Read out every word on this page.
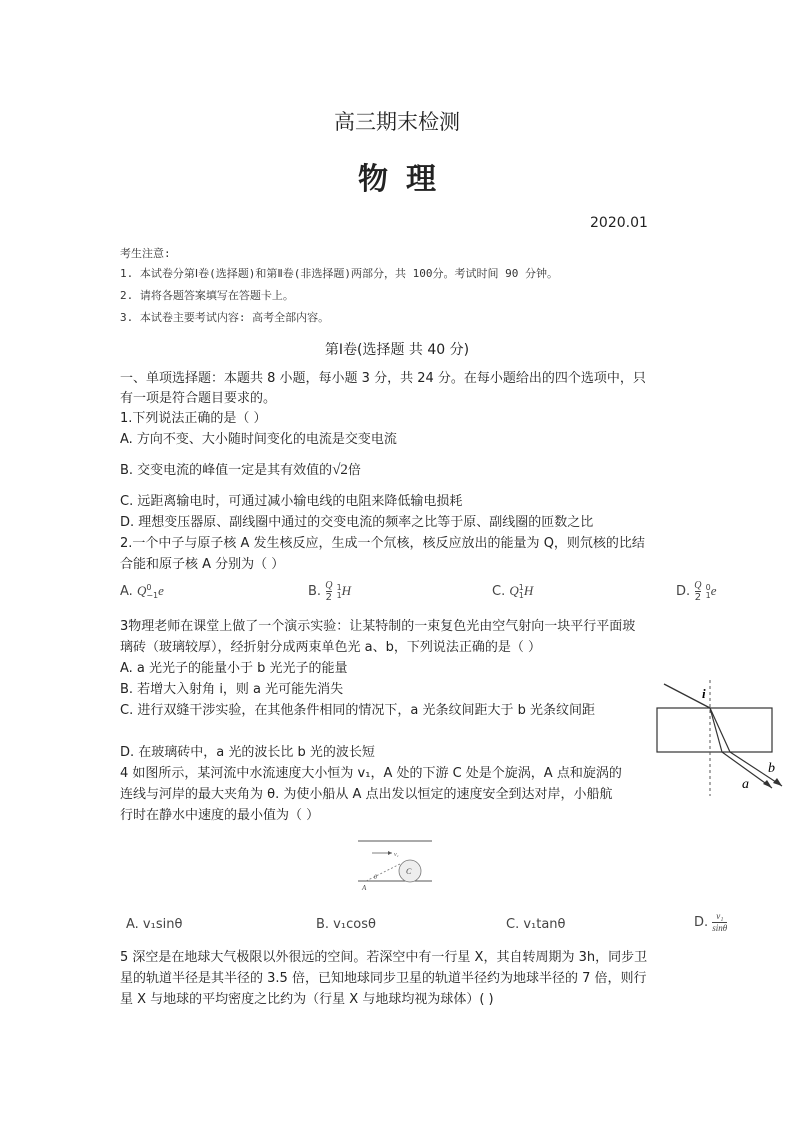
高三期末检测
物理
2020.01
考生注意:
1. 本试卷分第Ⅰ卷(选择题)和第Ⅱ卷(非选择题)两部分，共 100分。考试时间 90 分钟。
2. 请将各题答案填写在答题卡上。
3. 本试卷主要考试内容: 高考全部内容。
第Ⅰ卷(选择题 共 40 分)
一、单项选择题：本题共 8 小题，每小题 3 分，共 24 分。在每小题给出的四个选项中，只
有一项是符合题目要求的。
1.下列说法正确的是（ ）
A. 方向不变、大小随时间变化的电流是交变电流
B. 交变电流的峰值一定是其有效值的√2倍
C. 远距离输电时，可通过减小输电线的电阻来降低输电损耗
D. 理想变压器原、副线圈中通过的交变电流的频率之比等于原、副线圈的匝数之比
2.一个中子与原子核 A 发生核反应，生成一个氘核，核反应放出的能量为 Q，则氘核的比结
合能和原子核 A 分别为（ ）
A. Q 0
−1 e	B. $\frac{Q}{2}$
1
1 H	C. Q 1
1 H	D. $\frac{Q}{2}$
0
1 e
3物理老师在课堂上做了一个演示实验：让某特制的一束复色光由空气射向一块平行平面玻
璃砖（玻璃较厚），经折射分成两束单色光 a、b，下列说法正确的是（ ）
A. a 光光子的能量小于 b 光光子的能量
B. 若增大入射角 i，则 a 光可能先消失
C. 进行双缝干涉实验，在其他条件相同的情况下，a 光条纹间距大于 b 光条纹间距
D. 在玻璃砖中，a 光的波长比 b 光的波长短
i
a
b
4 如图所示，某河流中水流速度大小恒为 v₁，A 处的下游 C 处是个旋涡，A 点和旋涡的
连线与河岸的最大夹角为 θ. 为使小船从 A 点出发以恒定的速度安全到达对岸，小船航
行时在静水中速度的最小值为（ ）
v₁
C
A
θ
A. v₁sinθ	B. v₁cosθ	C. v₁tanθ	D. $\frac{\text{v₁}}{\sin\theta}$
5 深空是在地球大气极限以外很远的空间。若深空中有一行星 X，其自转周期为 3h，同步卫
星的轨道半径是其半径的 3.5 倍，已知地球同步卫星的轨道半径约为地球半径的 7 倍，则行
星 X 与地球的平均密度之比约为（行星 X 与地球均视为球体）( )
